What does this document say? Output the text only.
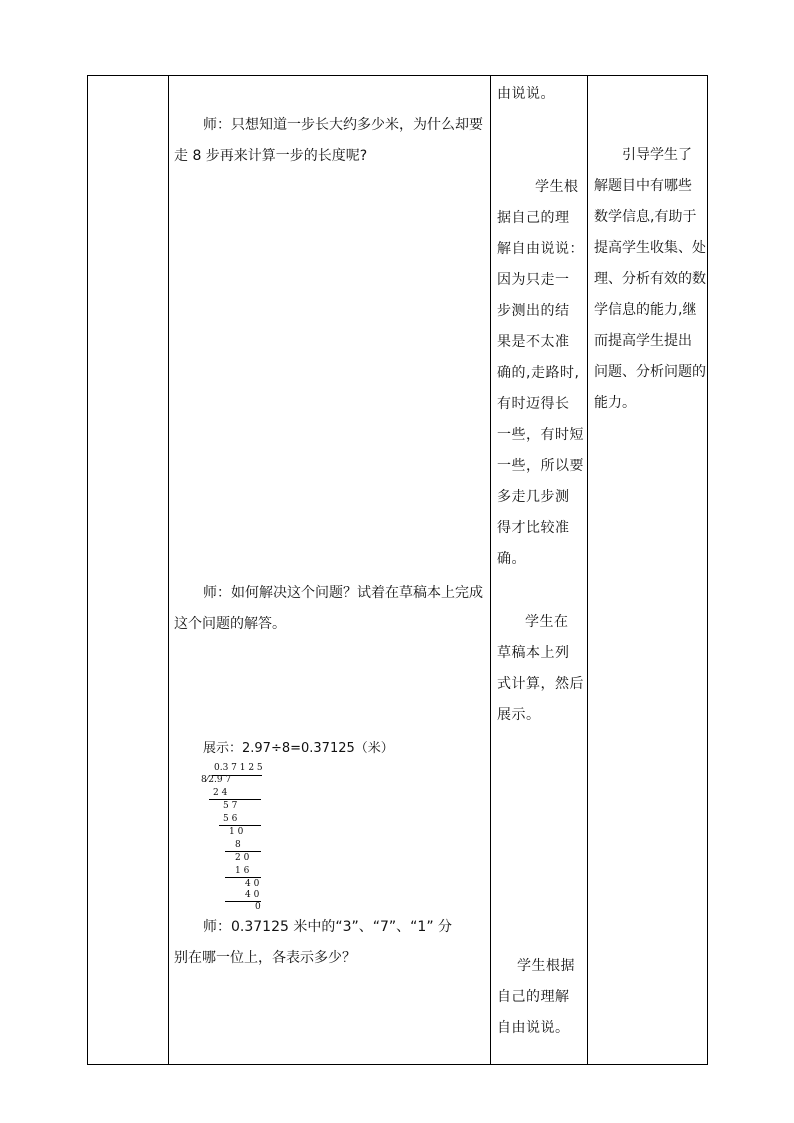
师：只想知道一步长大约多少米，为什么却要
走 8 步再来计算一步的长度呢?
师：如何解决这个问题？试着在草稿本上完成
这个问题的解答。
展示：2.97÷8=0.37125（米）
0.3 7 1 2 5
8⁄2.9 7
2 4
5 7
5 6
1 0
8
2 0
1 6
4 0
4 0
0
师：0.37125 米中的“3”、“7”、“1” 分
别在哪一位上，各表示多少？
由说说。
学生根
据自己的理
解自由说说：
因为只走一
步测出的结
果是不太准
确的,走路时,
有时迈得长
一些，有时短
一些，所以要
多走几步测
得才比较准
确。
学生在
草稿本上列
式计算，然后
展示。
学生根据
自己的理解
自由说说。
引导学生了
解题目中有哪些
数学信息,有助于
提高学生收集、处
理、分析有效的数
学信息的能力,继
而提高学生提出
问题、分析问题的
能力。
